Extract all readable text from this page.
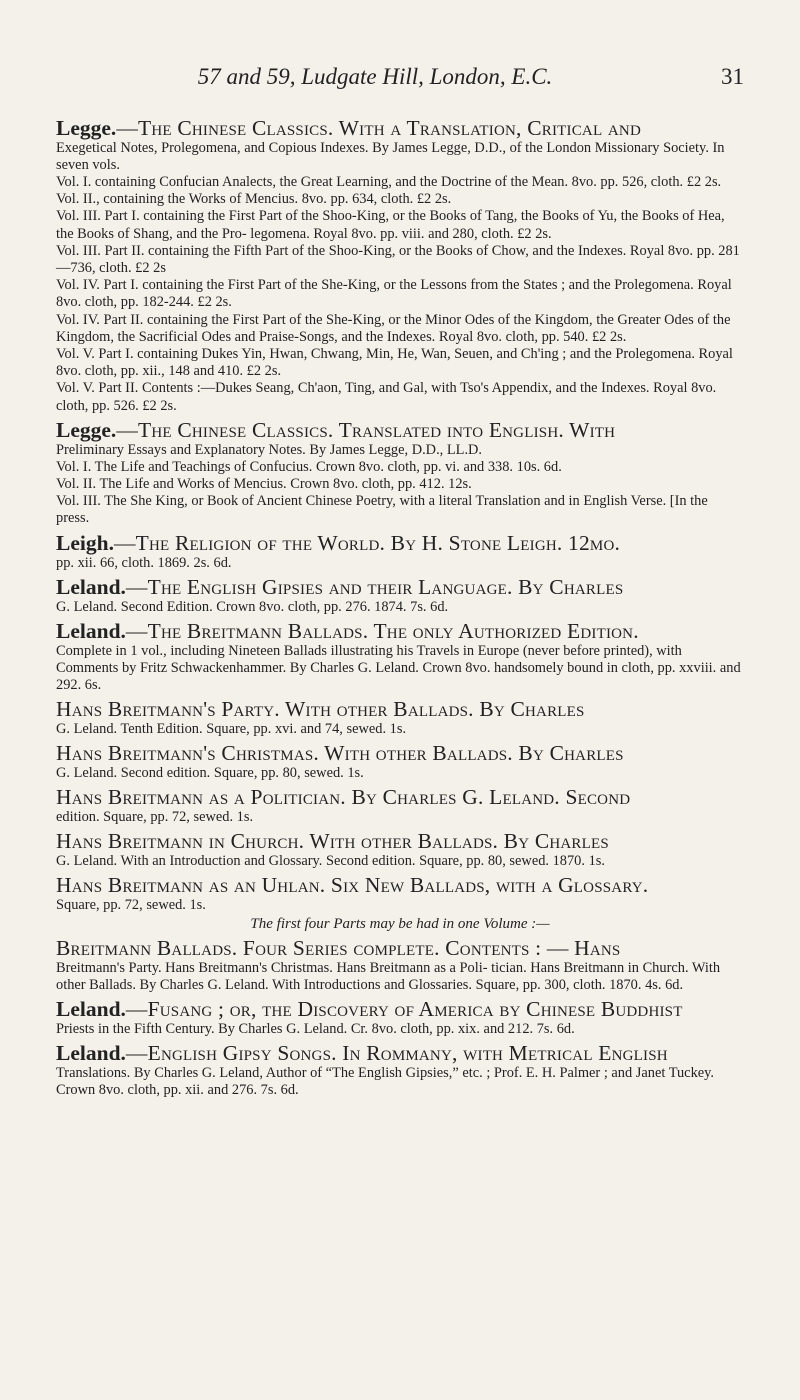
57 and 59, Ludgate Hill, London, E.C.	31
Legge.—The Chinese Classics. With a Translation, Critical and
Exegetical Notes, Prolegomena, and Copious Indexes. By James Legge, D.D., of the London Missionary Society. In seven vols.
Vol. I. containing Confucian Analects, the Great Learning, and the Doctrine of the Mean. 8vo. pp. 526, cloth. £2 2s.
Vol. II., containing the Works of Mencius. 8vo. pp. 634, cloth. £2 2s.
Vol. III. Part I. containing the First Part of the Shoo-King, or the Books of Tang, the Books of Yu, the Books of Hea, the Books of Shang, and the Pro- legomena. Royal 8vo. pp. viii. and 280, cloth. £2 2s.
Vol. III. Part II. containing the Fifth Part of the Shoo-King, or the Books of Chow, and the Indexes. Royal 8vo. pp. 281—736, cloth. £2 2s
Vol. IV. Part I. containing the First Part of the She-King, or the Lessons from the States ; and the Prolegomena. Royal 8vo. cloth, pp. 182-244. £2 2s.
Vol. IV. Part II. containing the First Part of the She-King, or the Minor Odes of the Kingdom, the Greater Odes of the Kingdom, the Sacrificial Odes and Praise-Songs, and the Indexes. Royal 8vo. cloth, pp. 540. £2 2s.
Vol. V. Part I. containing Dukes Yin, Hwan, Chwang, Min, He, Wan, Seuen, and Ch'ing ; and the Prolegomena. Royal 8vo. cloth, pp. xii., 148 and 410. £2 2s.
Vol. V. Part II. Contents :—Dukes Seang, Ch'aon, Ting, and Gal, with Tso's Appendix, and the Indexes. Royal 8vo. cloth, pp. 526. £2 2s.
Legge.—The Chinese Classics. Translated into English. With
Preliminary Essays and Explanatory Notes. By James Legge, D.D., LL.D.
Vol. I. The Life and Teachings of Confucius. Crown 8vo. cloth, pp. vi. and 338. 10s. 6d.
Vol. II. The Life and Works of Mencius. Crown 8vo. cloth, pp. 412. 12s.
Vol. III. The She King, or Book of Ancient Chinese Poetry, with a literal Translation and in English Verse. [In the press.
Leigh.—The Religion of the World. By H. Stone Leigh. 12mo.
pp. xii. 66, cloth. 1869. 2s. 6d.
Leland.—The English Gipsies and their Language. By Charles
G. Leland. Second Edition. Crown 8vo. cloth, pp. 276. 1874. 7s. 6d.
Leland.—The Breitmann Ballads. The only Authorized Edition.
Complete in 1 vol., including Nineteen Ballads illustrating his Travels in Europe (never before printed), with Comments by Fritz Schwackenhammer. By Charles G. Leland. Crown 8vo. handsomely bound in cloth, pp. xxviii. and 292. 6s.
Hans Breitmann's Party. With other Ballads. By Charles
G. Leland. Tenth Edition. Square, pp. xvi. and 74, sewed. 1s.
Hans Breitmann's Christmas. With other Ballads. By Charles
G. Leland. Second edition. Square, pp. 80, sewed. 1s.
Hans Breitmann as a Politician. By Charles G. Leland. Second
edition. Square, pp. 72, sewed. 1s.
Hans Breitmann in Church. With other Ballads. By Charles
G. Leland. With an Introduction and Glossary. Second edition. Square, pp. 80, sewed. 1870. 1s.
Hans Breitmann as an Uhlan. Six New Ballads, with a Glossary.
Square, pp. 72, sewed. 1s.
The first four Parts may be had in one Volume :—
Breitmann Ballads. Four Series complete. Contents : — Hans
Breitmann's Party. Hans Breitmann's Christmas. Hans Breitmann as a Poli- tician. Hans Breitmann in Church. With other Ballads. By Charles G. Leland. With Introductions and Glossaries. Square, pp. 300, cloth. 1870. 4s. 6d.
Leland.—Fusang ; or, the Discovery of America by Chinese Buddhist
Priests in the Fifth Century. By Charles G. Leland. Cr. 8vo. cloth, pp. xix. and 212. 7s. 6d.
Leland.—English Gipsy Songs. In Rommany, with Metrical English
Translations. By Charles G. Leland, Author of “The English Gipsies,” etc. ; Prof. E. H. Palmer ; and Janet Tuckey. Crown 8vo. cloth, pp. xii. and 276. 7s. 6d.
